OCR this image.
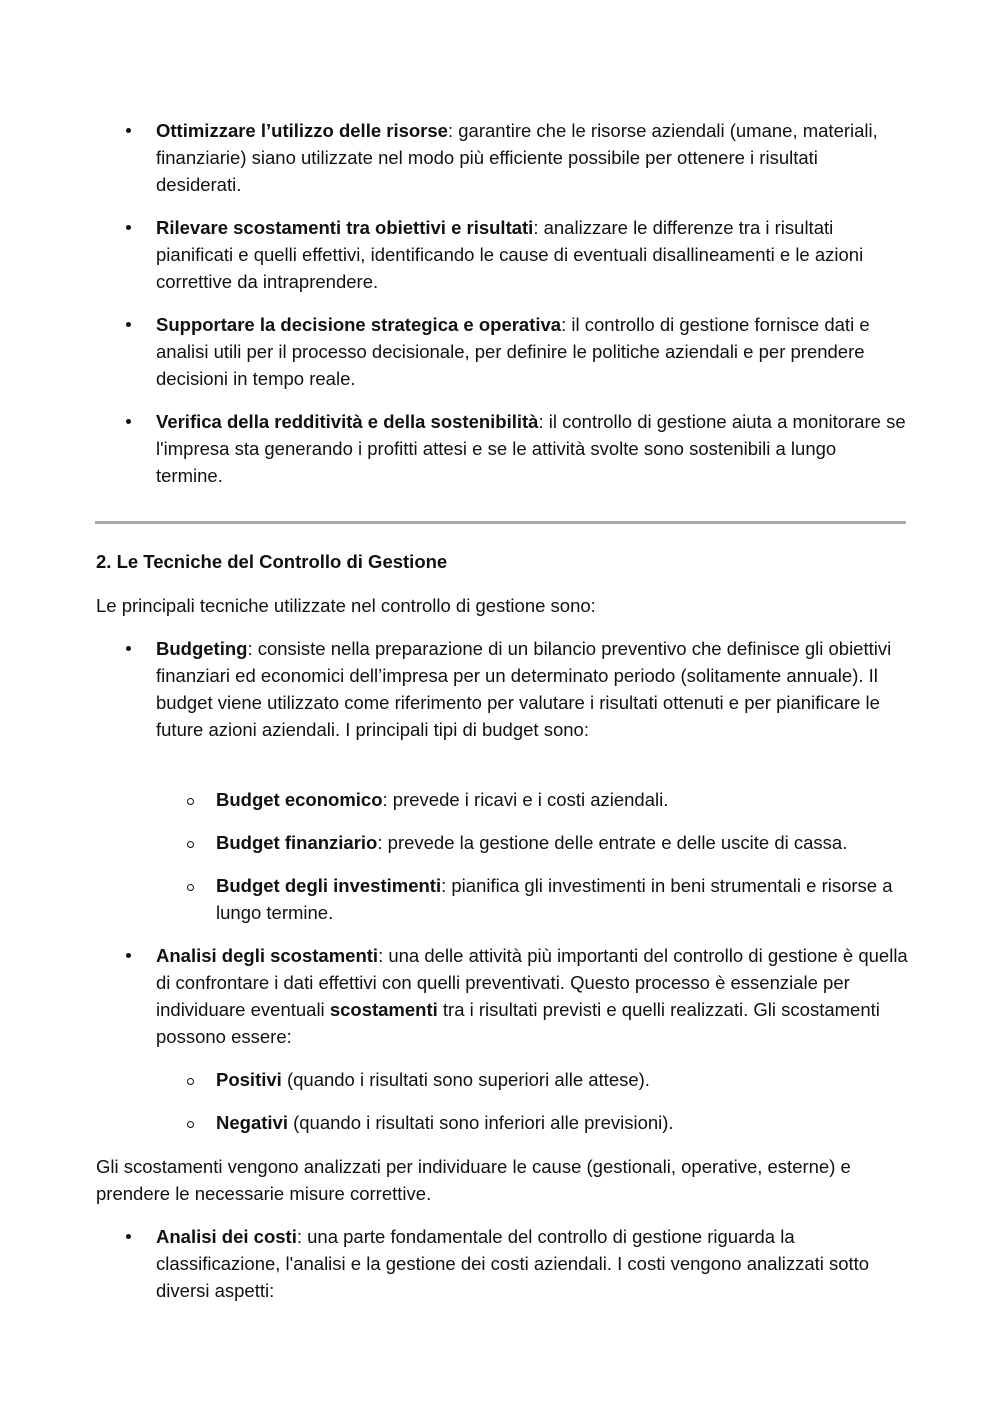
Ottimizzare l’utilizzo delle risorse: garantire che le risorse aziendali (umane, materiali, finanziarie) siano utilizzate nel modo più efficiente possibile per ottenere i risultati desiderati.
Rilevare scostamenti tra obiettivi e risultati: analizzare le differenze tra i risultati pianificati e quelli effettivi, identificando le cause di eventuali disallineamenti e le azioni correttive da intraprendere.
Supportare la decisione strategica e operativa: il controllo di gestione fornisce dati e analisi utili per il processo decisionale, per definire le politiche aziendali e per prendere decisioni in tempo reale.
Verifica della redditività e della sostenibilità: il controllo di gestione aiuta a monitorare se l'impresa sta generando i profitti attesi e se le attività svolte sono sostenibili a lungo termine.
2. Le Tecniche del Controllo di Gestione
Le principali tecniche utilizzate nel controllo di gestione sono:
Budgeting: consiste nella preparazione di un bilancio preventivo che definisce gli obiettivi finanziari ed economici dell’impresa per un determinato periodo (solitamente annuale). Il budget viene utilizzato come riferimento per valutare i risultati ottenuti e per pianificare le future azioni aziendali. I principali tipi di budget sono:
Budget economico: prevede i ricavi e i costi aziendali.
Budget finanziario: prevede la gestione delle entrate e delle uscite di cassa.
Budget degli investimenti: pianifica gli investimenti in beni strumentali e risorse a lungo termine.
Analisi degli scostamenti: una delle attività più importanti del controllo di gestione è quella di confrontare i dati effettivi con quelli preventivati. Questo processo è essenziale per individuare eventuali scostamenti tra i risultati previsti e quelli realizzati. Gli scostamenti possono essere:
Positivi (quando i risultati sono superiori alle attese).
Negativi (quando i risultati sono inferiori alle previsioni).
Gli scostamenti vengono analizzati per individuare le cause (gestionali, operative, esterne) e prendere le necessarie misure correttive.
Analisi dei costi: una parte fondamentale del controllo di gestione riguarda la classificazione, l'analisi e la gestione dei costi aziendali. I costi vengono analizzati sotto diversi aspetti:
